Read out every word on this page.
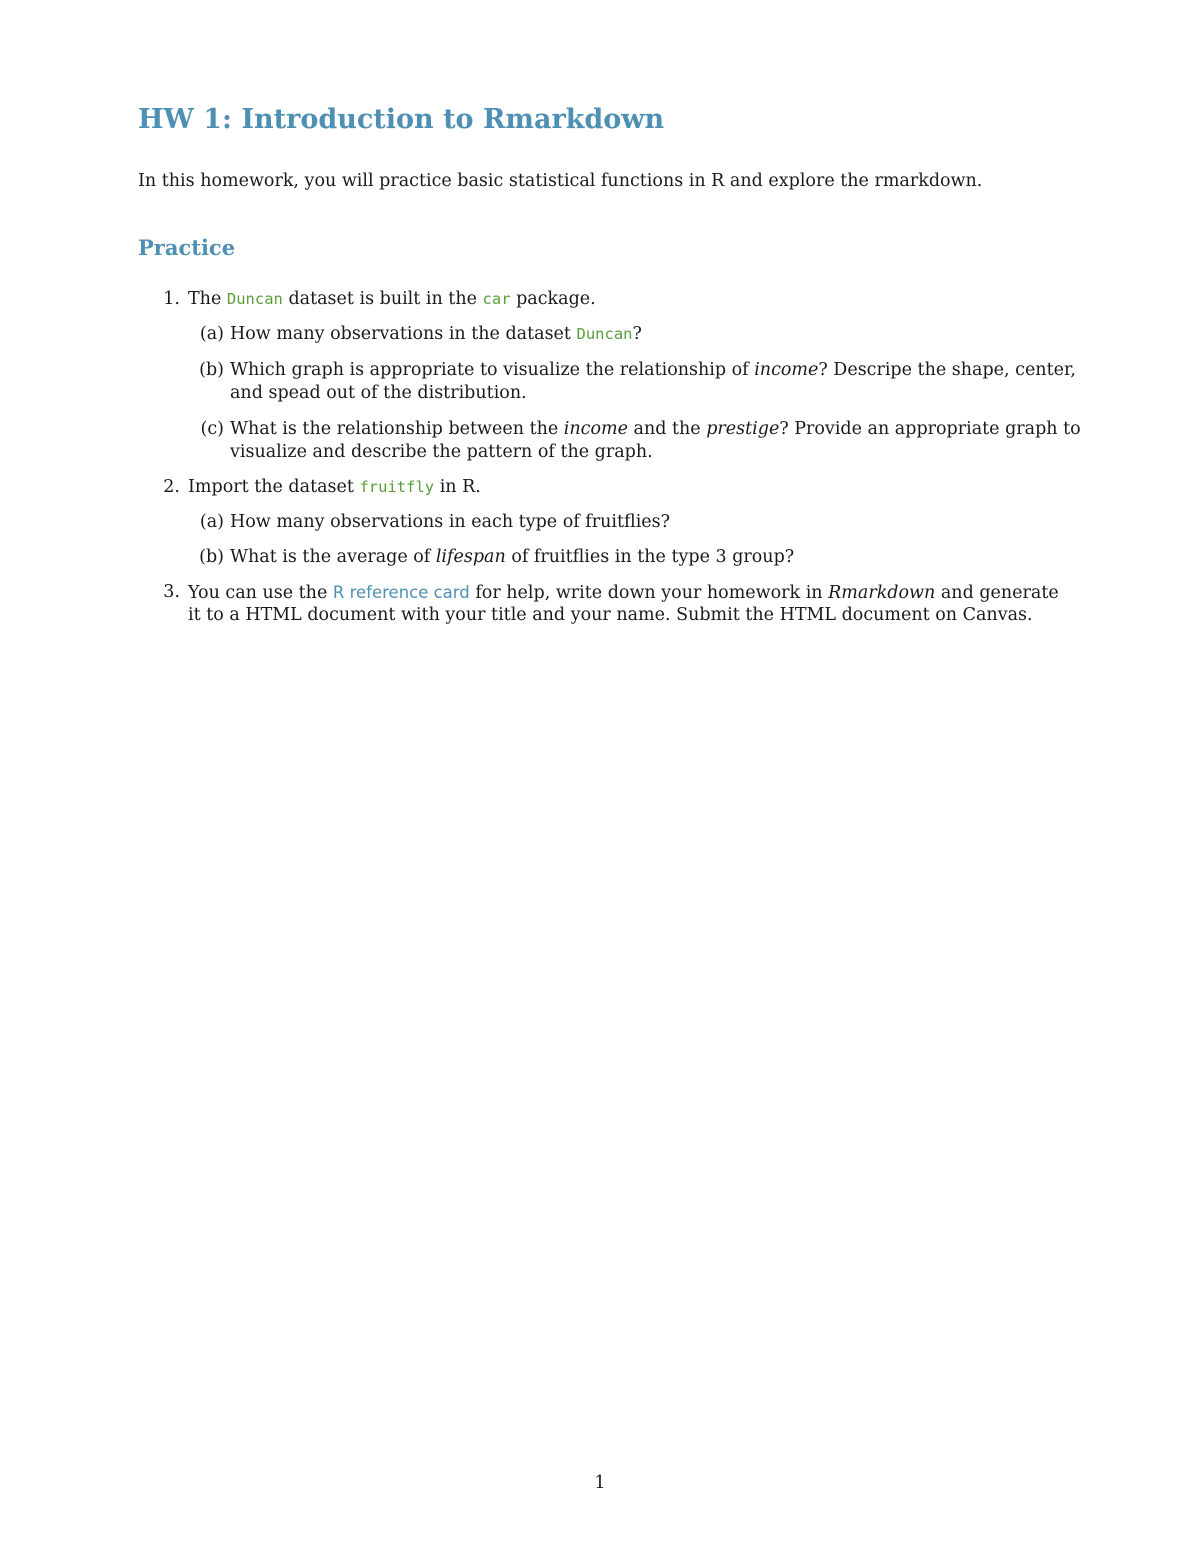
HW 1: Introduction to Rmarkdown

In this homework, you will practice basic statistical functions in R and explore the rmarkdown.

Practice
1. The Duncan dataset is built in the car package.
(a) How many observations in the dataset Duncan?
(b) Which graph is appropriate to visualize the relationship of income? Descripe the shape, center,
and spead out of the distribution.
(c) What is the relationship between the income and the prestige? Provide an appropriate graph to
visualize and describe the pattern of the graph.
2. Import the dataset fruitfly in R.
(a) How many observations in each type of fruitflies?
(b) What is the average of lifespan of fruitflies in the type 3 group?
3. You can use the R reference card for help, write down your homework in Rmarkdown and generate
it to a HTML document with your title and your name. Submit the HTML document on Canvas.
1
